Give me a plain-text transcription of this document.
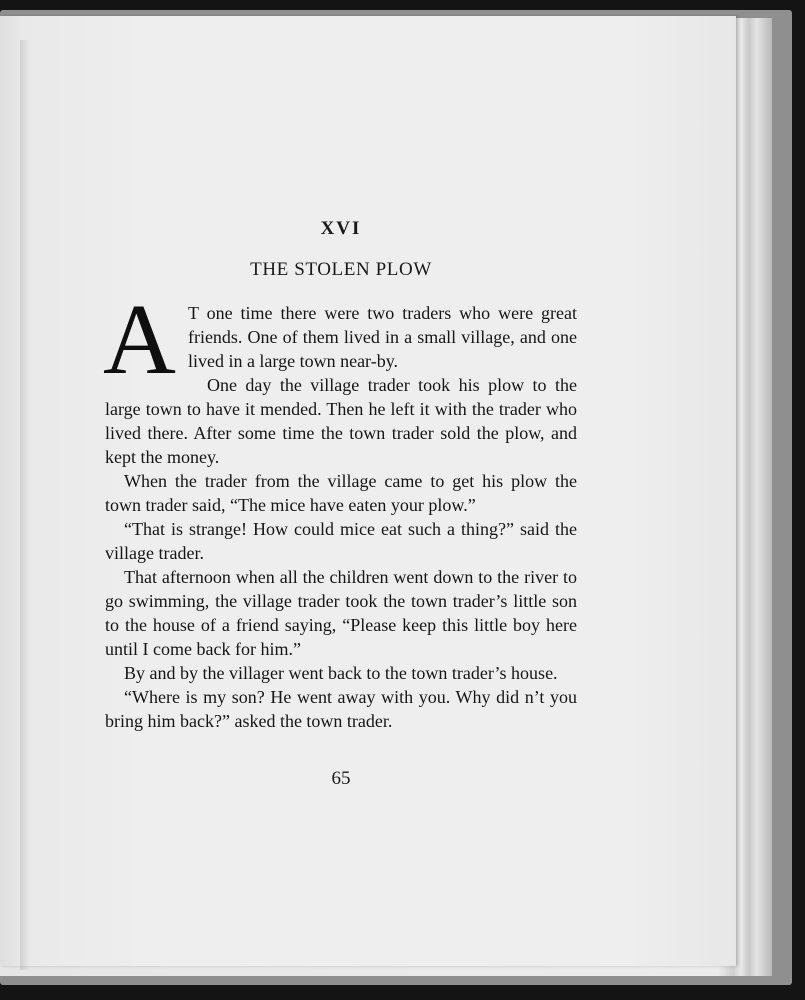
XVI
THE STOLEN PLOW

A T one time there were two traders who were great friends. One of them lived in a small village, and one lived in a large town near-by.

One day the village trader took his plow to the large town to have it mended. Then he left it with the trader who lived there. After some time the town trader sold the plow, and kept the money.

When the trader from the village came to get his plow the town trader said, “The mice have eaten your plow.”

“That is strange! How could mice eat such a thing?” said the village trader.

That afternoon when all the children went down to the river to go swimming, the village trader took the town trader’s little son to the house of a friend saying, “Please keep this little boy here until I come back for him.”

By and by the villager went back to the town trader’s house.

“Where is my son? He went away with you. Why did n’t you bring him back?” asked the town trader.

65
